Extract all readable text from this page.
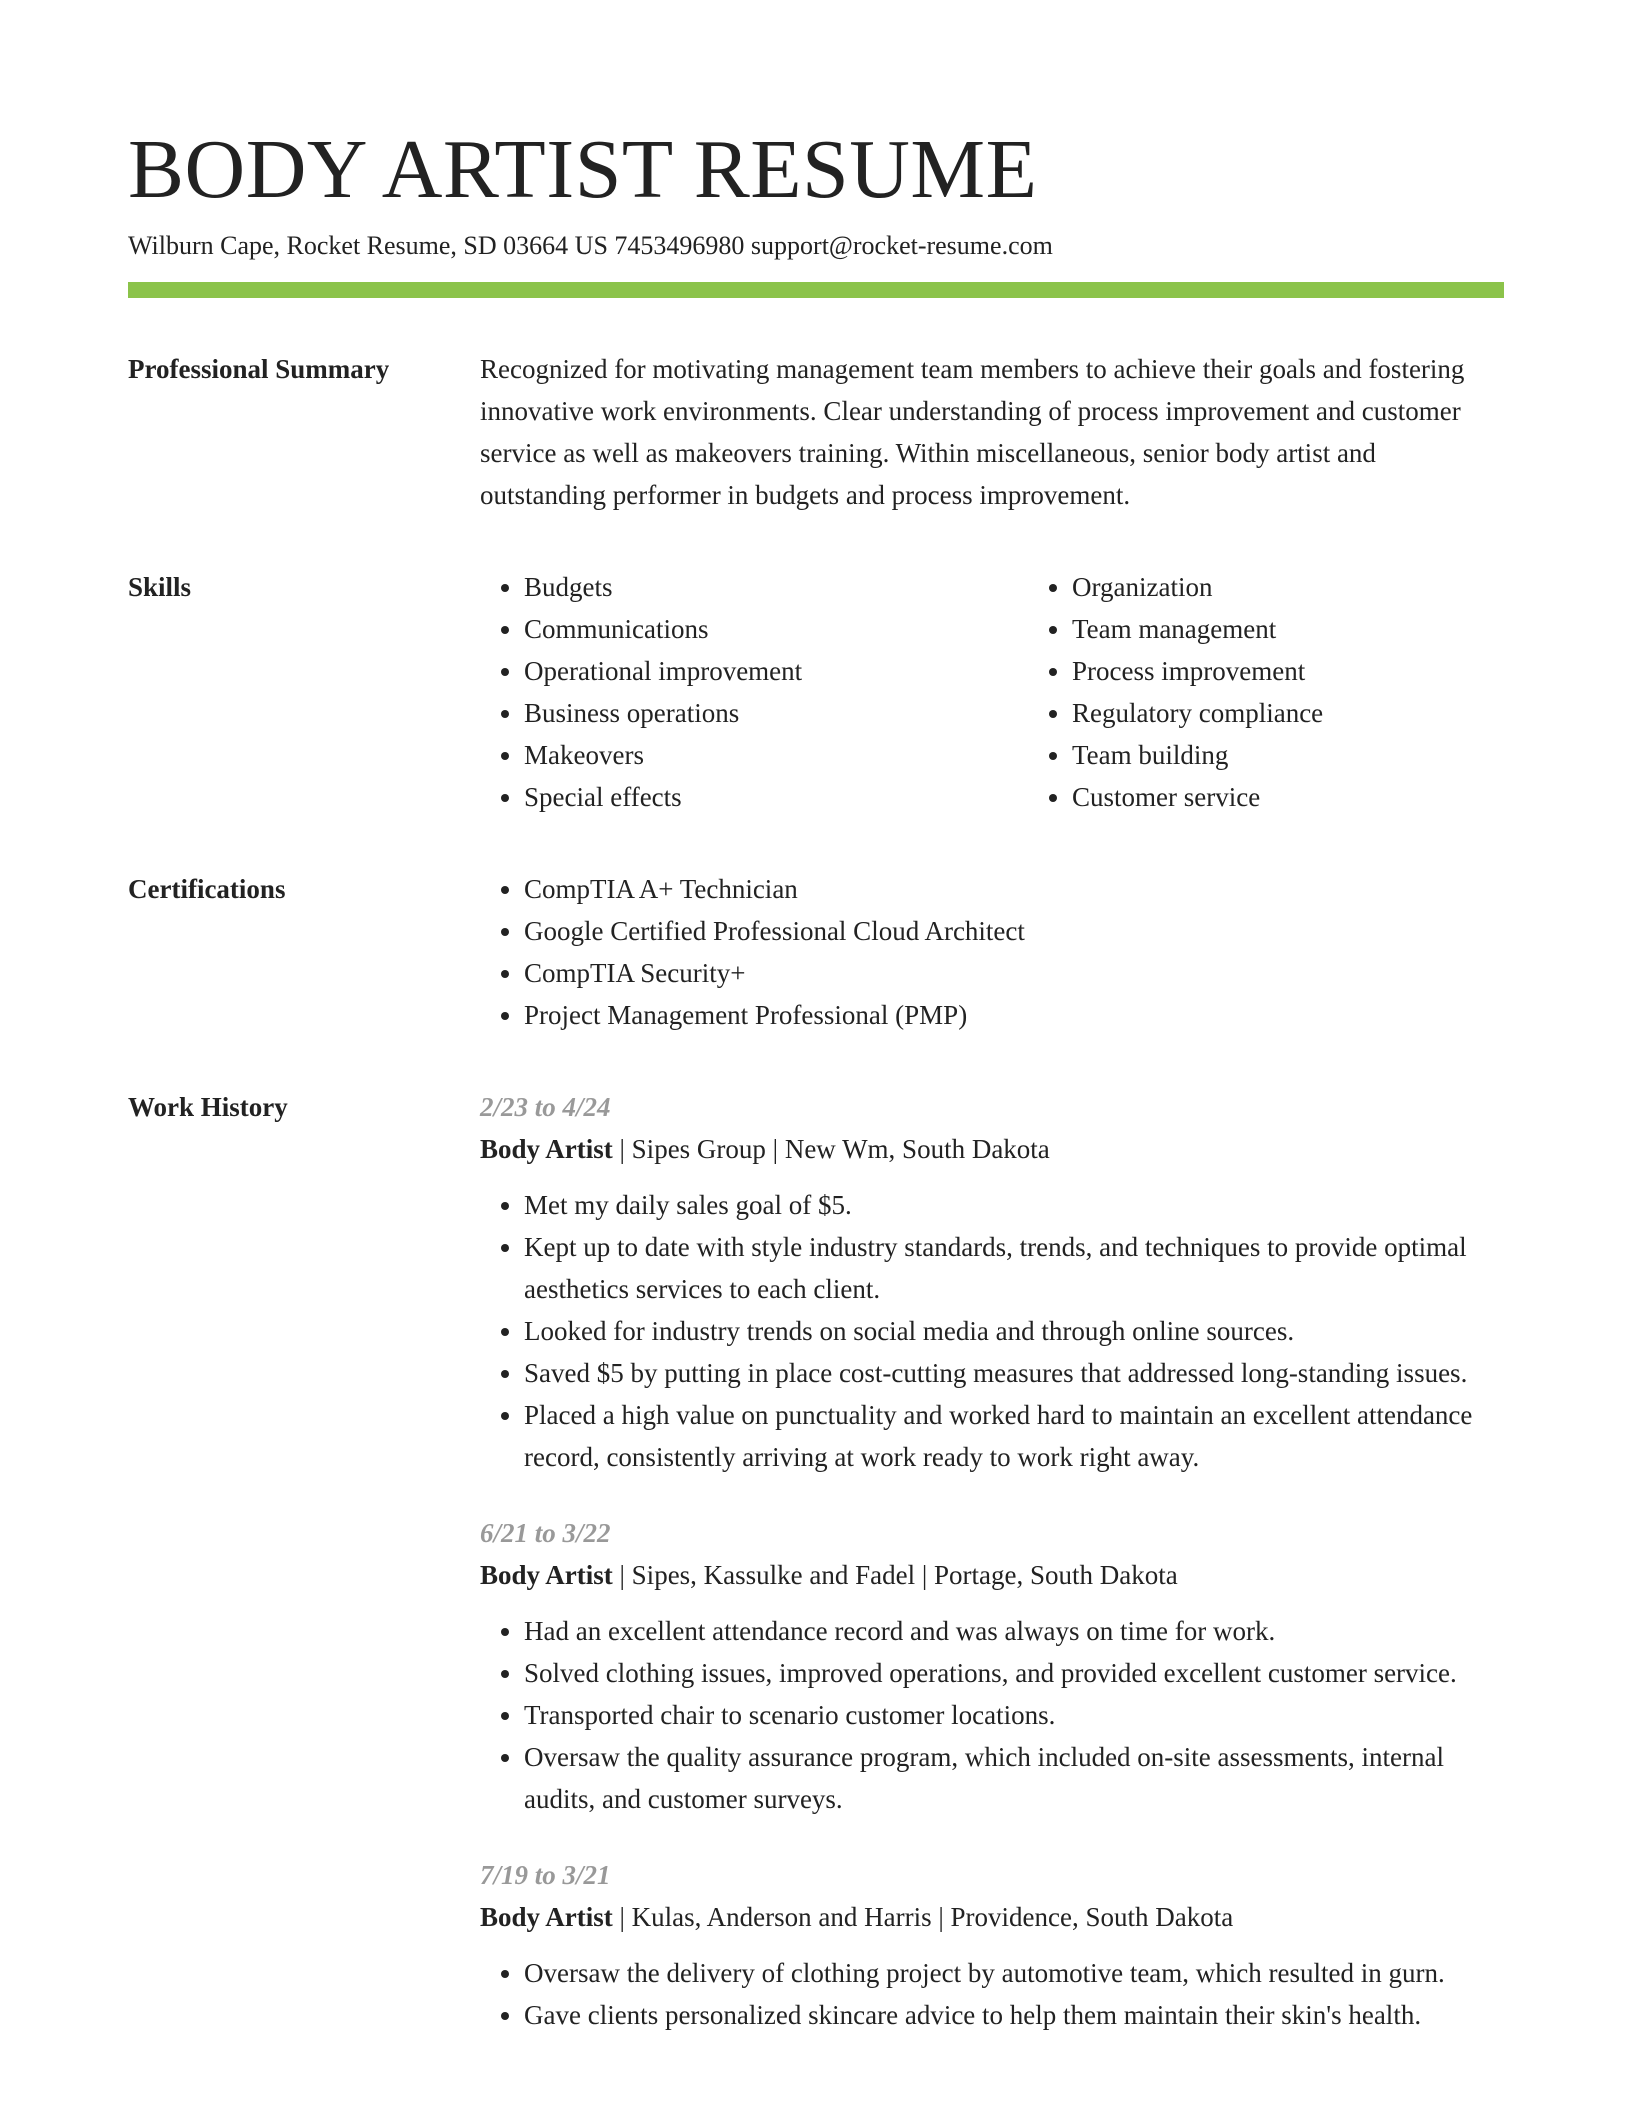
BODY ARTIST RESUME
Wilburn Cape, Rocket Resume, SD 03664 US 7453496980 support@rocket-resume.com
Professional Summary	Recognized for motivating management team members to achieve their goals and fostering innovative work environments. Clear understanding of process improvement and customer service as well as makeovers training. Within miscellaneous, senior body artist and outstanding performer in budgets and process improvement.
Skills	• Budgets
• Communications
• Operational improvement
• Business operations
• Makeovers
• Special effects
• Organization
• Team management
• Process improvement
• Regulatory compliance
• Team building
• Customer service
Certifications	• CompTIA A+ Technician
• Google Certified Professional Cloud Architect
• CompTIA Security+
• Project Management Professional (PMP)
Work History	2/23 to 4/24
Body Artist | Sipes Group | New Wm, South Dakota
• Met my daily sales goal of $5.
• Kept up to date with style industry standards, trends, and techniques to provide optimal aesthetics services to each client.
• Looked for industry trends on social media and through online sources.
• Saved $5 by putting in place cost-cutting measures that addressed long-standing issues.
• Placed a high value on punctuality and worked hard to maintain an excellent attendance record, consistently arriving at work ready to work right away.
6/21 to 3/22
Body Artist | Sipes, Kassulke and Fadel | Portage, South Dakota
• Had an excellent attendance record and was always on time for work.
• Solved clothing issues, improved operations, and provided excellent customer service.
• Transported chair to scenario customer locations.
• Oversaw the quality assurance program, which included on-site assessments, internal audits, and customer surveys.
7/19 to 3/21
Body Artist | Kulas, Anderson and Harris | Providence, South Dakota
• Oversaw the delivery of clothing project by automotive team, which resulted in gurn.
• Gave clients personalized skincare advice to help them maintain their skin's health.
